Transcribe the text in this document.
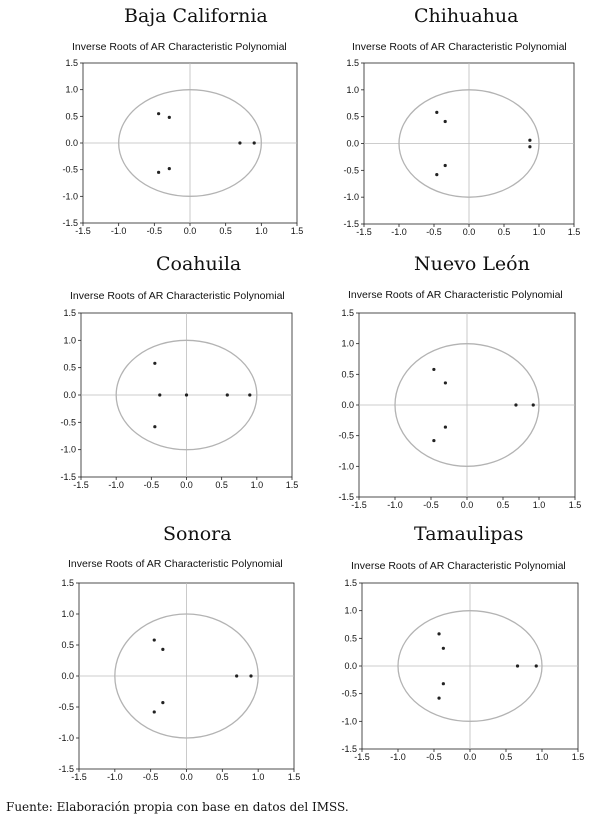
Baja California
Inverse Roots of AR Characteristic Polynomial
-1.5 -1.0 -0.5 0.0	0.5	1.0	1.5
1.5
1.0
0.5
0.0
-0.5
-1.0
-1.5
Chihuahua
Inverse Roots of AR Characteristic Polynomial
-1.5 -1.0 -0.5 0.0 0.5 1.0 1.5
1.5
1.0
0.5
0.0
-0.5
-1.0
-1.5
Coahuila
Inverse Roots of AR Characteristic Polynomial
-1.5 -1.0 -0.5 0.0	0.5	1.0	1.5
1.5
1.0
0.5
0.0
-0.5
-1.0
-1.5
Nuevo León
Inverse Roots of AR Characteristic Polynomial
-1.5 -1.0 -0.5 0.0	0.5	1.0	1.5
1.5
1.0
0.5
0.0
-0.5
-1.0
-1.5
Sonora
Inverse Roots of AR Characteristic Polynomial
-1.5 -1.0 -0.5 0.0	0.5	1.0	1.5
1.5
1.0
0.5
0.0
-0.5
-1.0
-1.5
Tamaulipas
Inverse Roots of AR Characteristic Polynomial
-1.5 -1.0 -0.5 0.0	0.5	1.0	1.5
1.5
1.0
0.5
0.0
-0.5
-1.0
-1.5
Fuente: Elaboración propia con base en datos del IMSS.
